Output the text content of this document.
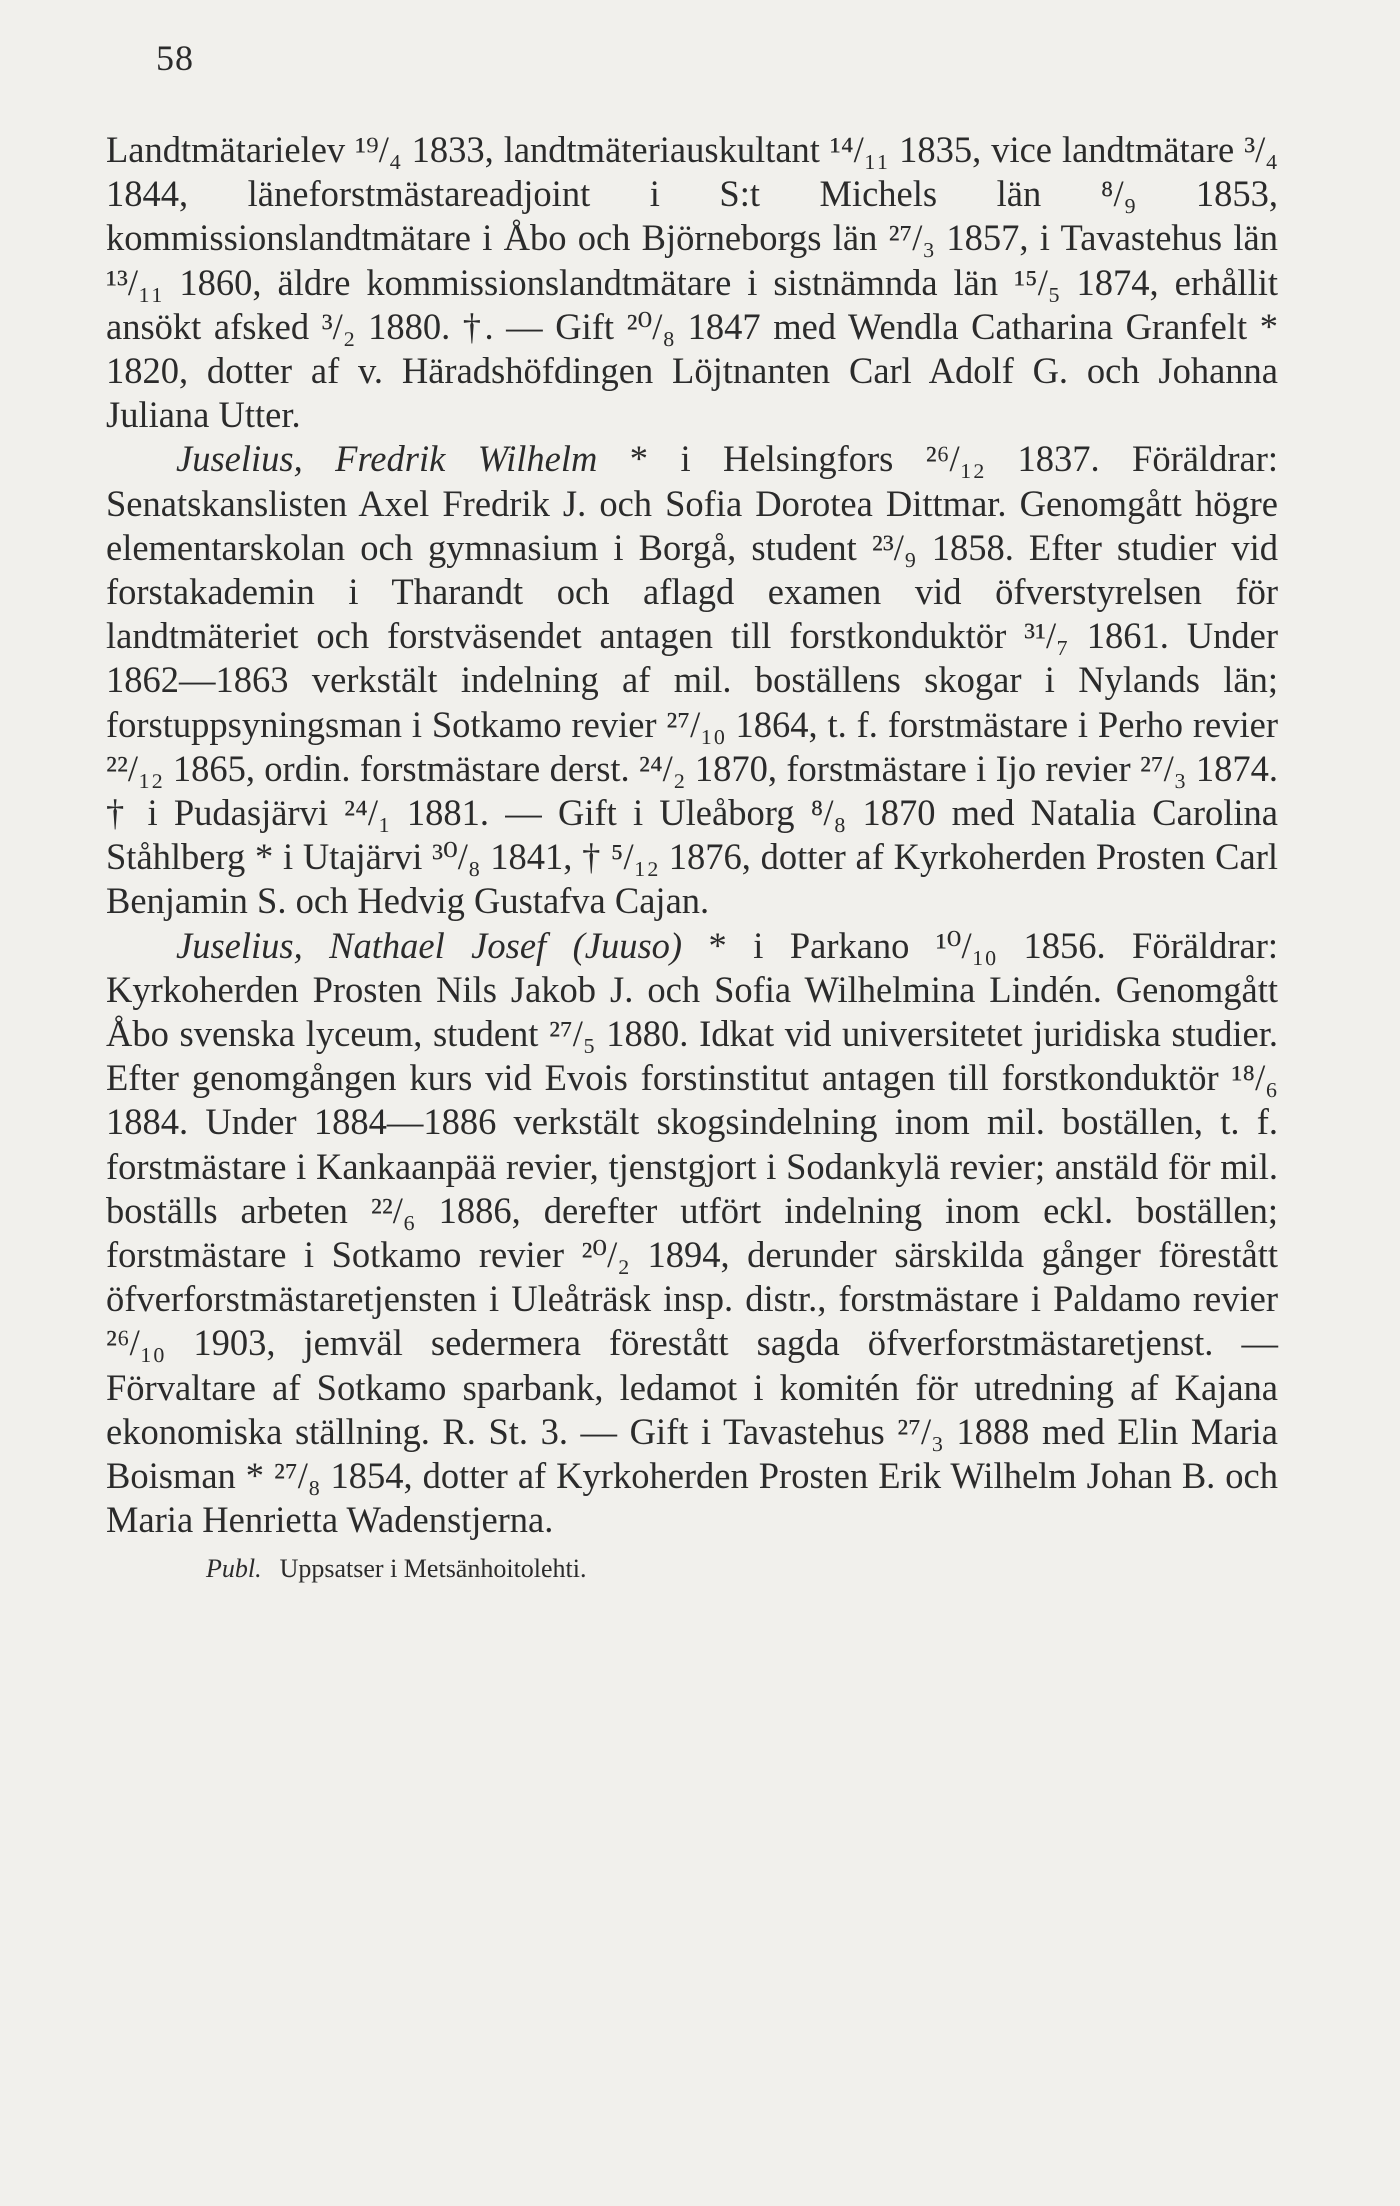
58

Landtmätarielev ¹⁹/₄ 1833, landtmäteriauskultant ¹⁴/₁₁ 1835, vice landtmätare ³/₄ 1844, läneforstmästareadjoint i S:t Michels län ⁸/₉ 1853, kommissionslandtmätare i Åbo och Björneborgs län ²⁷/₃ 1857, i Tavastehus län ¹³/₁₁ 1860, äldre kommissionslandtmätare i sistnämnda län ¹⁵/₅ 1874, erhållit ansökt afsked ³/₂ 1880. †. — Gift ²⁰/₈ 1847 med Wendla Catharina Granfelt * 1820, dotter af v. Häradshöfdingen Löjtnanten Carl Adolf G. och Johanna Juliana Utter.

Juselius, Fredrik Wilhelm * i Helsingfors ²⁶/₁₂ 1837. Föräldrar: Senatskanslisten Axel Fredrik J. och Sofia Dorotea Dittmar. Genomgått högre elementarskolan och gymnasium i Borgå, student ²³/₉ 1858. Efter studier vid forstakademin i Tharandt och aflagd examen vid öfverstyrelsen för landtmäteriet och forstväsendet antagen till forstkonduktör ³¹/₇ 1861. Under 1862—1863 verkstält indelning af mil. boställens skogar i Nylands län; forstuppsyningsman i Sotkamo revier ²⁷/₁₀ 1864, t. f. forstmästare i Perho revier ²²/₁₂ 1865, ordin. forstmästare derst. ²⁴/₂ 1870, forstmästare i Ijo revier ²⁷/₃ 1874. † i Pudasjärvi ²⁴/₁ 1881. — Gift i Uleåborg ⁸/₈ 1870 med Natalia Carolina Ståhlberg * i Utajärvi ³⁰/₈ 1841, † ⁵/₁₂ 1876, dotter af Kyrkoherden Prosten Carl Benjamin S. och Hedvig Gustafva Cajan.

Juselius, Nathael Josef (Juuso) * i Parkano ¹⁰/₁₀ 1856. Föräldrar: Kyrkoherden Prosten Nils Jakob J. och Sofia Wilhelmina Lindén. Genomgått Åbo svenska lyceum, student ²⁷/₅ 1880. Idkat vid universitetet juridiska studier. Efter genomgången kurs vid Evois forstinstitut antagen till forstkonduktör ¹⁸/₆ 1884. Under 1884—1886 verkstält skogsindelning inom mil. boställen, t. f. forstmästare i Kankaanpää revier, tjenstgjort i Sodankylä revier; anstäld för mil. boställs arbeten ²²/₆ 1886, derefter utfört indelning inom eckl. boställen; forstmästare i Sotkamo revier ²⁰/₂ 1894, derunder särskilda gånger förestått öfverforstmästaretjensten i Uleåträsk insp. distr., forstmästare i Paldamo revier ²⁶/₁₀ 1903, jemväl sedermera förestått sagda öfverforstmästaretjenst. — Förvaltare af Sotkamo sparbank, ledamot i komitén för utredning af Kajana ekonomiska ställning. R. St. 3. — Gift i Tavastehus ²⁷/₃ 1888 med Elin Maria Boisman * ²⁷/₈ 1854, dotter af Kyrkoherden Prosten Erik Wilhelm Johan B. och Maria Henrietta Wadenstjerna.

Publ. Uppsatser i Metsänhoitolehti.
